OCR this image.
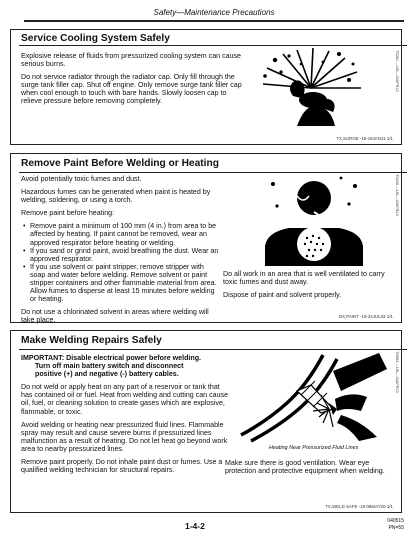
Safety—Maintenance Precautions
Service Cooling System Safely

Explosive release of fluids from pressurized cooling system can cause serious burns.

Do not service radiator through the radiator cap. Only fill through the surge tank filler cap. Shut off engine. Only remove surge tank filler cap when cool enough to touch with bare hands. Slowly loosen cap to relieve pressure before removing completely.

TS281 —UN—15APR13
TX,SURGE -19-19JAN11-1/1
Remove Paint Before Welding or Heating

Avoid potentially toxic fumes and dust.

Hazardous fumes can be generated when paint is heated by welding, soldering, or using a torch.

Remove paint before heating:

• Remove paint a minimum of 100 mm (4 in.) from area to be affected by heating. If paint cannot be removed, wear an approved respirator before heating or welding.
• If you sand or grind paint, avoid breathing the dust. Wear an approved respirator.
• If you use solvent or paint stripper, remove stripper with soap and water before welding. Remove solvent or paint stripper containers and other flammable material from area. Allow fumes to disperse at least 15 minutes before welding or heating.

Do not use a chlorinated solvent in areas where welding will take place.

TS220 —UN—15APR13

Do all work in an area that is well ventilated to carry toxic fumes and dust away.

Dispose of paint and solvent properly.

DX,PAINT -19-24JUL02-1/1
Make Welding Repairs Safely

IMPORTANT: Disable electrical power before welding.
Turn off main battery switch and disconnect
positive (+) and negative (-) battery cables.

Do not weld or apply heat on any part of a reservoir or tank that has contained oil or fuel. Heat from welding and cutting can cause oil, fuel, or cleaning solution to create gases which are explosive, flammable, or toxic.

Avoid welding or heating near pressurized fluid lines. Flammable spray may result and cause severe burns if pressurized lines malfunction as a result of heating. Do not let heat go beyond work area to nearby pressurized lines.

Remove paint properly. Do not inhale paint dust or fumes. Use a qualified welding technician for structural repairs.

Heating Near Pressurized Fluid Lines
TS953 —UN—15APR13

Make sure there is good ventilation. Wear eye protection and protective equipment when welding.

TX,WELD SAFE -19-08MAY20-1/1
1-4-2	040515
PN=55
